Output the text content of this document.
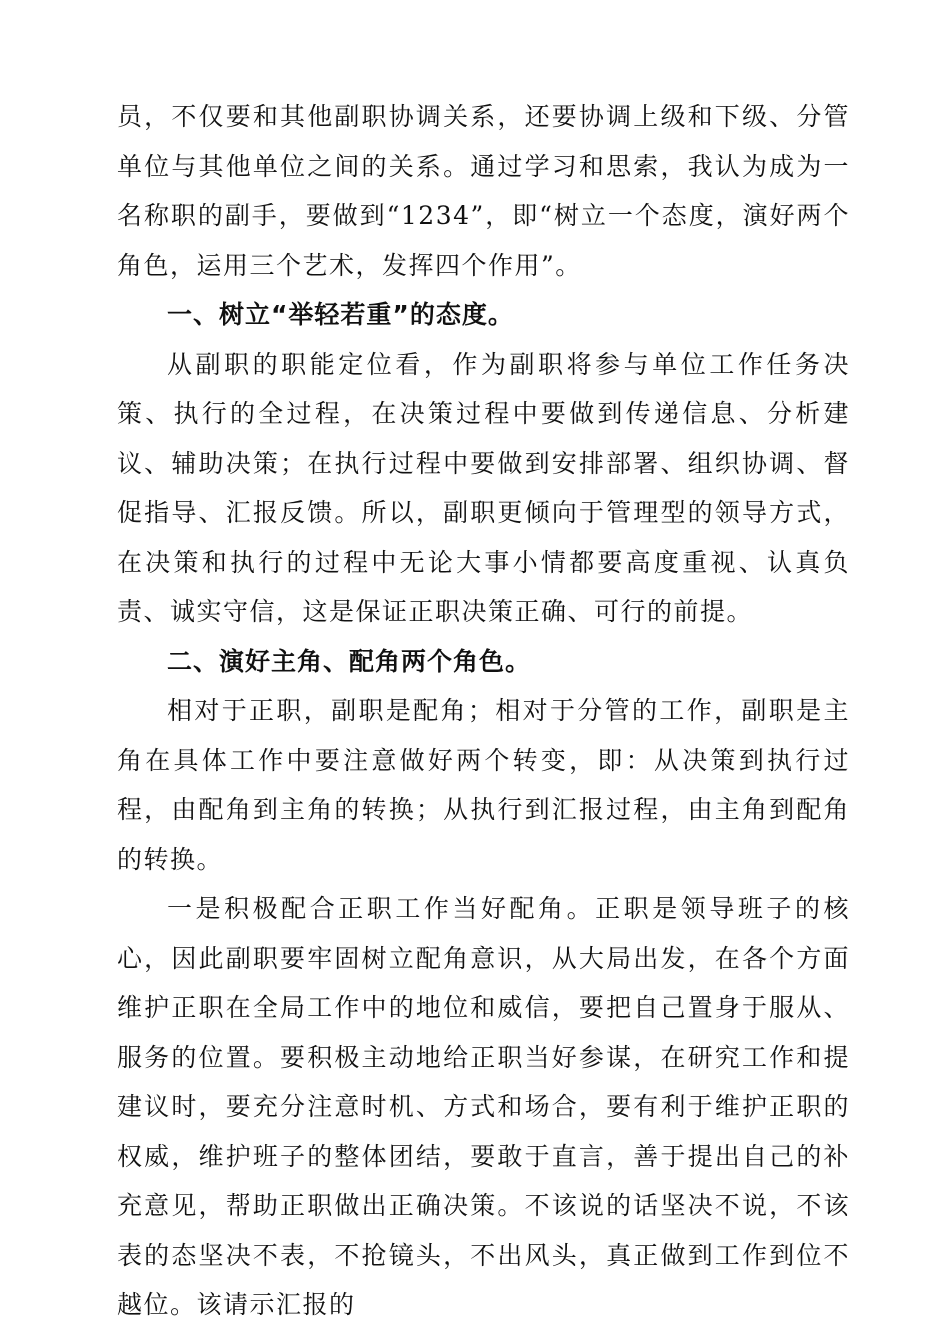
员，不仅要和其他副职协调关系，还要协调上级和下级、分管单位与其他单位之间的关系。通过学习和思索，我认为成为一名称职的副手，要做到“1234”，即“树立一个态度，演好两个角色，运用三个艺术，发挥四个作用”。

一、树立“举轻若重”的态度。

从副职的职能定位看，作为副职将参与单位工作任务决策、执行的全过程，在决策过程中要做到传递信息、分析建议、辅助决策；在执行过程中要做到安排部署、组织协调、督促指导、汇报反馈。所以，副职更倾向于管理型的领导方式，在决策和执行的过程中无论大事小情都要高度重视、认真负责、诚实守信，这是保证正职决策正确、可行的前提。

二、演好主角、配角两个角色。

相对于正职，副职是配角；相对于分管的工作，副职是主角在具体工作中要注意做好两个转变，即：从决策到执行过程，由配角到主角的转换；从执行到汇报过程，由主角到配角的转换。

一是积极配合正职工作当好配角。正职是领导班子的核心，因此副职要牢固树立配角意识，从大局出发，在各个方面维护正职在全局工作中的地位和威信，要把自己置身于服从、服务的位置。要积极主动地给正职当好参谋，在研究工作和提建议时，要充分注意时机、方式和场合，要有利于维护正职的权威，维护班子的整体团结，要敢于直言，善于提出自己的补充意见，帮助正职做出正确决策。不该说的话坚决不说，不该表的态坚决不表，不抢镜头，不出风头，真正做到工作到位不越位。该请示汇报的
